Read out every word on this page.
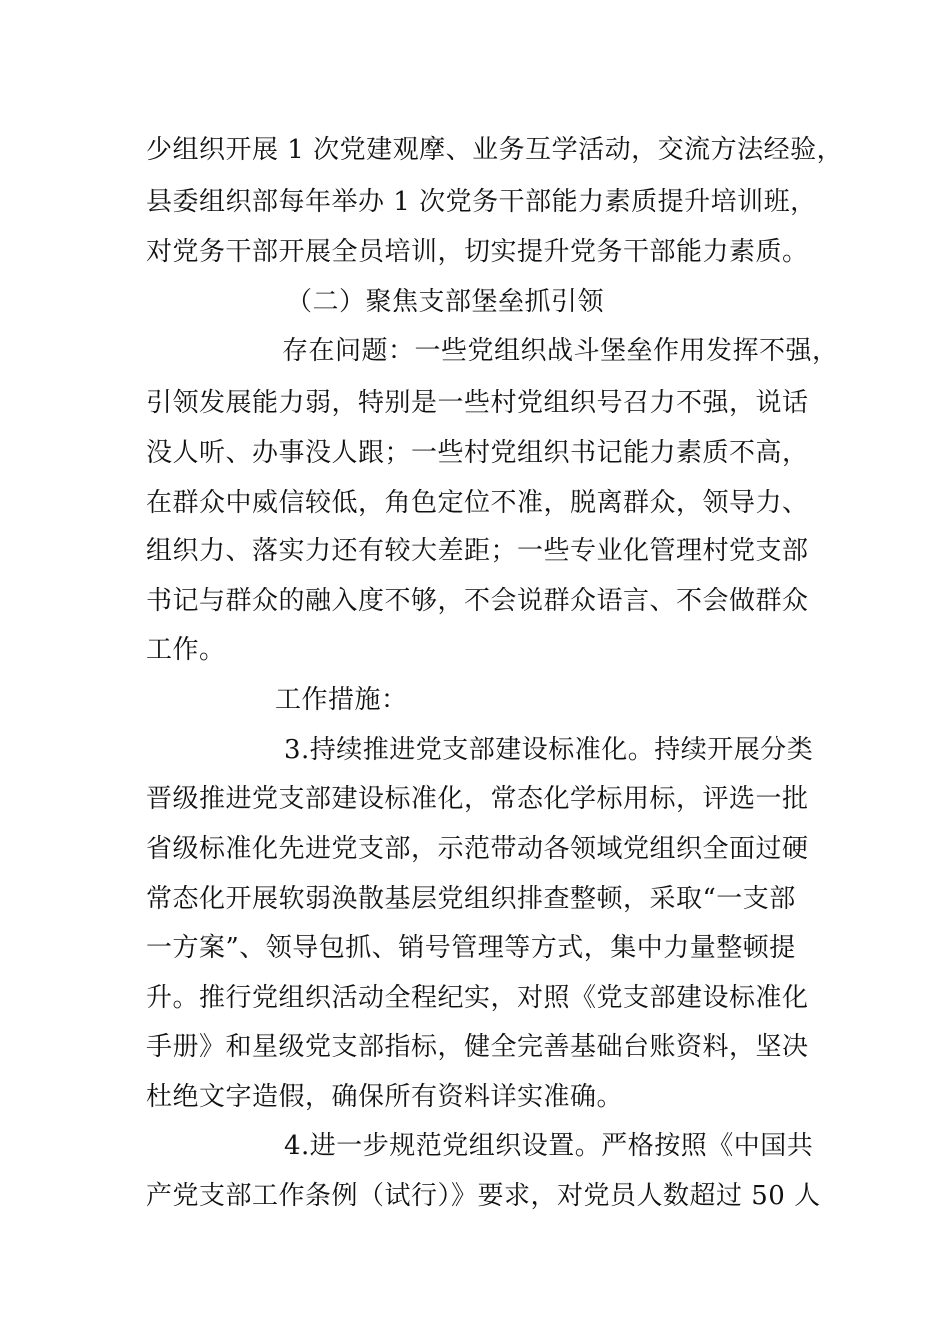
少组织开展 1 次党建观摩、业务互学活动，交流方法经验，
县委组织部每年举办 1 次党务干部能力素质提升培训班，
对党务干部开展全员培训，切实提升党务干部能力素质。
（二）聚焦支部堡垒抓引领
存在问题：一些党组织战斗堡垒作用发挥不强，
引领发展能力弱，特别是一些村党组织号召力不强，说话
没人听、办事没人跟；一些村党组织书记能力素质不高，
在群众中威信较低，角色定位不准，脱离群众，领导力、
组织力、落实力还有较大差距；一些专业化管理村党支部
书记与群众的融入度不够，不会说群众语言、不会做群众
工作。
工作措施：
3.持续推进党支部建设标准化。持续开展分类
晋级推进党支部建设标准化，常态化学标用标，评选一批
省级标准化先进党支部，示范带动各领域党组织全面过硬
常态化开展软弱涣散基层党组织排查整顿，采取“一支部
一方案”、领导包抓、销号管理等方式，集中力量整顿提
升。推行党组织活动全程纪实，对照《党支部建设标准化
手册》和星级党支部指标，健全完善基础台账资料，坚决
杜绝文字造假，确保所有资料详实准确。
4.进一步规范党组织设置。严格按照《中国共
产党支部工作条例（试行）》要求，对党员人数超过 50 人
